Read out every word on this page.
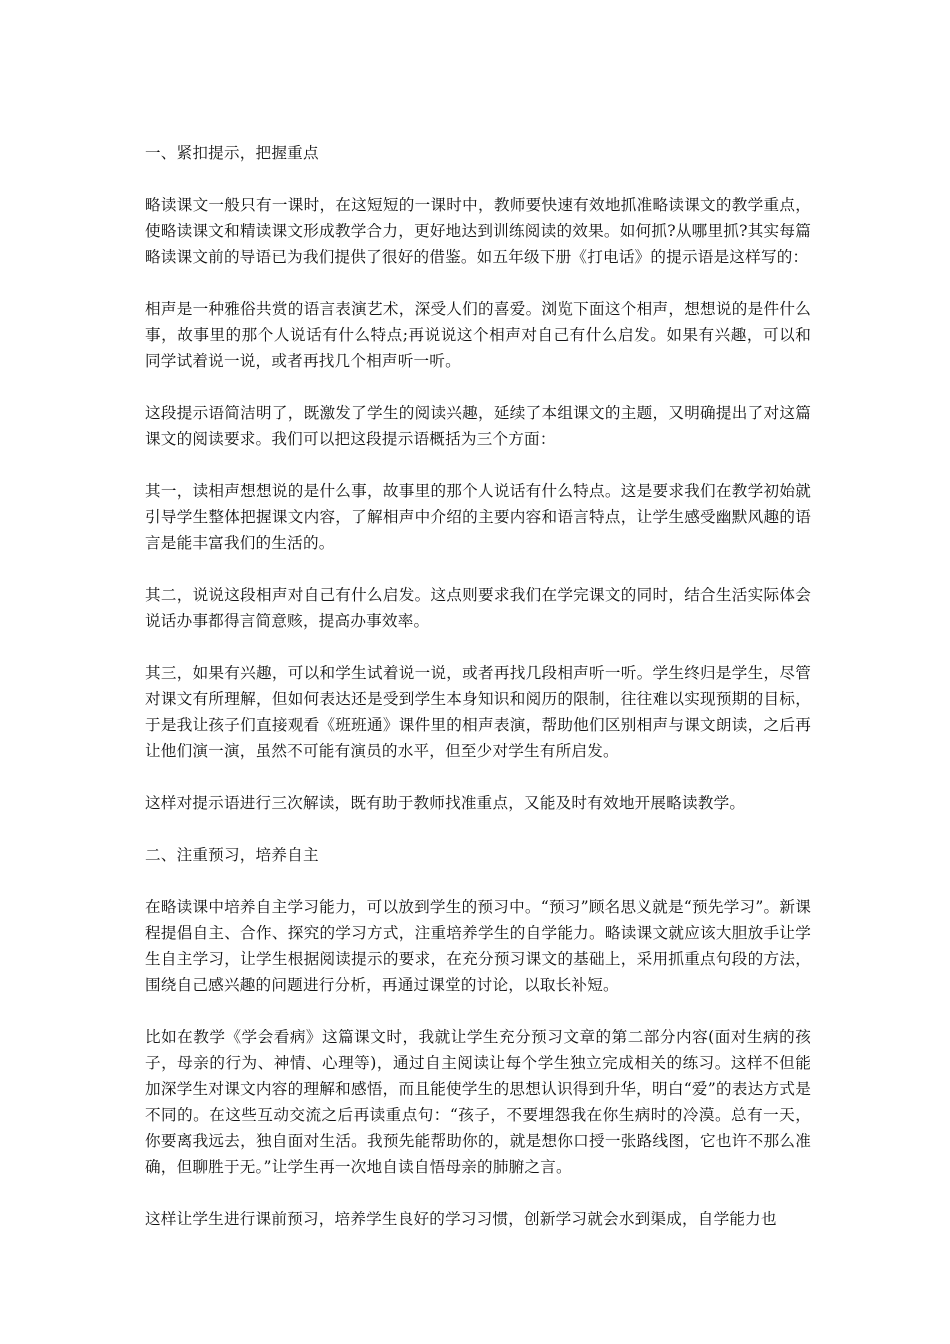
一、紧扣提示，把握重点

略读课文一般只有一课时，在这短短的一课时中，教师要快速有效地抓准略读课文的教学重点，使略读课文和精读课文形成教学合力，更好地达到训练阅读的效果。如何抓?从哪里抓?其实每篇略读课文前的导语已为我们提供了很好的借鉴。如五年级下册《打电话》的提示语是这样写的：

相声是一种雅俗共赏的语言表演艺术，深受人们的喜爱。浏览下面这个相声，想想说的是件什么事，故事里的那个人说话有什么特点;再说说这个相声对自己有什么启发。如果有兴趣，可以和同学试着说一说，或者再找几个相声听一听。

这段提示语简洁明了，既激发了学生的阅读兴趣，延续了本组课文的主题，又明确提出了对这篇课文的阅读要求。我们可以把这段提示语概括为三个方面：

其一，读相声想想说的是什么事，故事里的那个人说话有什么特点。这是要求我们在教学初始就引导学生整体把握课文内容，了解相声中介绍的主要内容和语言特点，让学生感受幽默风趣的语言是能丰富我们的生活的。

其二，说说这段相声对自己有什么启发。这点则要求我们在学完课文的同时，结合生活实际体会说话办事都得言简意赅，提高办事效率。

其三，如果有兴趣，可以和学生试着说一说，或者再找几段相声听一听。学生终归是学生，尽管对课文有所理解，但如何表达还是受到学生本身知识和阅历的限制，往往难以实现预期的目标，于是我让孩子们直接观看《班班通》课件里的相声表演，帮助他们区别相声与课文朗读，之后再让他们演一演，虽然不可能有演员的水平，但至少对学生有所启发。

这样对提示语进行三次解读，既有助于教师找准重点，又能及时有效地开展略读教学。

二、注重预习，培养自主

在略读课中培养自主学习能力，可以放到学生的预习中。“预习”顾名思义就是“预先学习”。新课程提倡自主、合作、探究的学习方式，注重培养学生的自学能力。略读课文就应该大胆放手让学生自主学习，让学生根据阅读提示的要求，在充分预习课文的基础上，采用抓重点句段的方法，围绕自己感兴趣的问题进行分析，再通过课堂的讨论，以取长补短。

比如在教学《学会看病》这篇课文时，我就让学生充分预习文章的第二部分内容(面对生病的孩子，母亲的行为、神情、心理等)，通过自主阅读让每个学生独立完成相关的练习。这样不但能加深学生对课文内容的理解和感悟，而且能使学生的思想认识得到升华，明白“爱”的表达方式是不同的。在这些互动交流之后再读重点句：“孩子，不要埋怨我在你生病时的冷漠。总有一天，你要离我远去，独自面对生活。我预先能帮助你的，就是想你口授一张路线图，它也许不那么准确，但聊胜于无。”让学生再一次地自读自悟母亲的肺腑之言。

这样让学生进行课前预习，培养学生良好的学习习惯，创新学习就会水到渠成，自学能力也
